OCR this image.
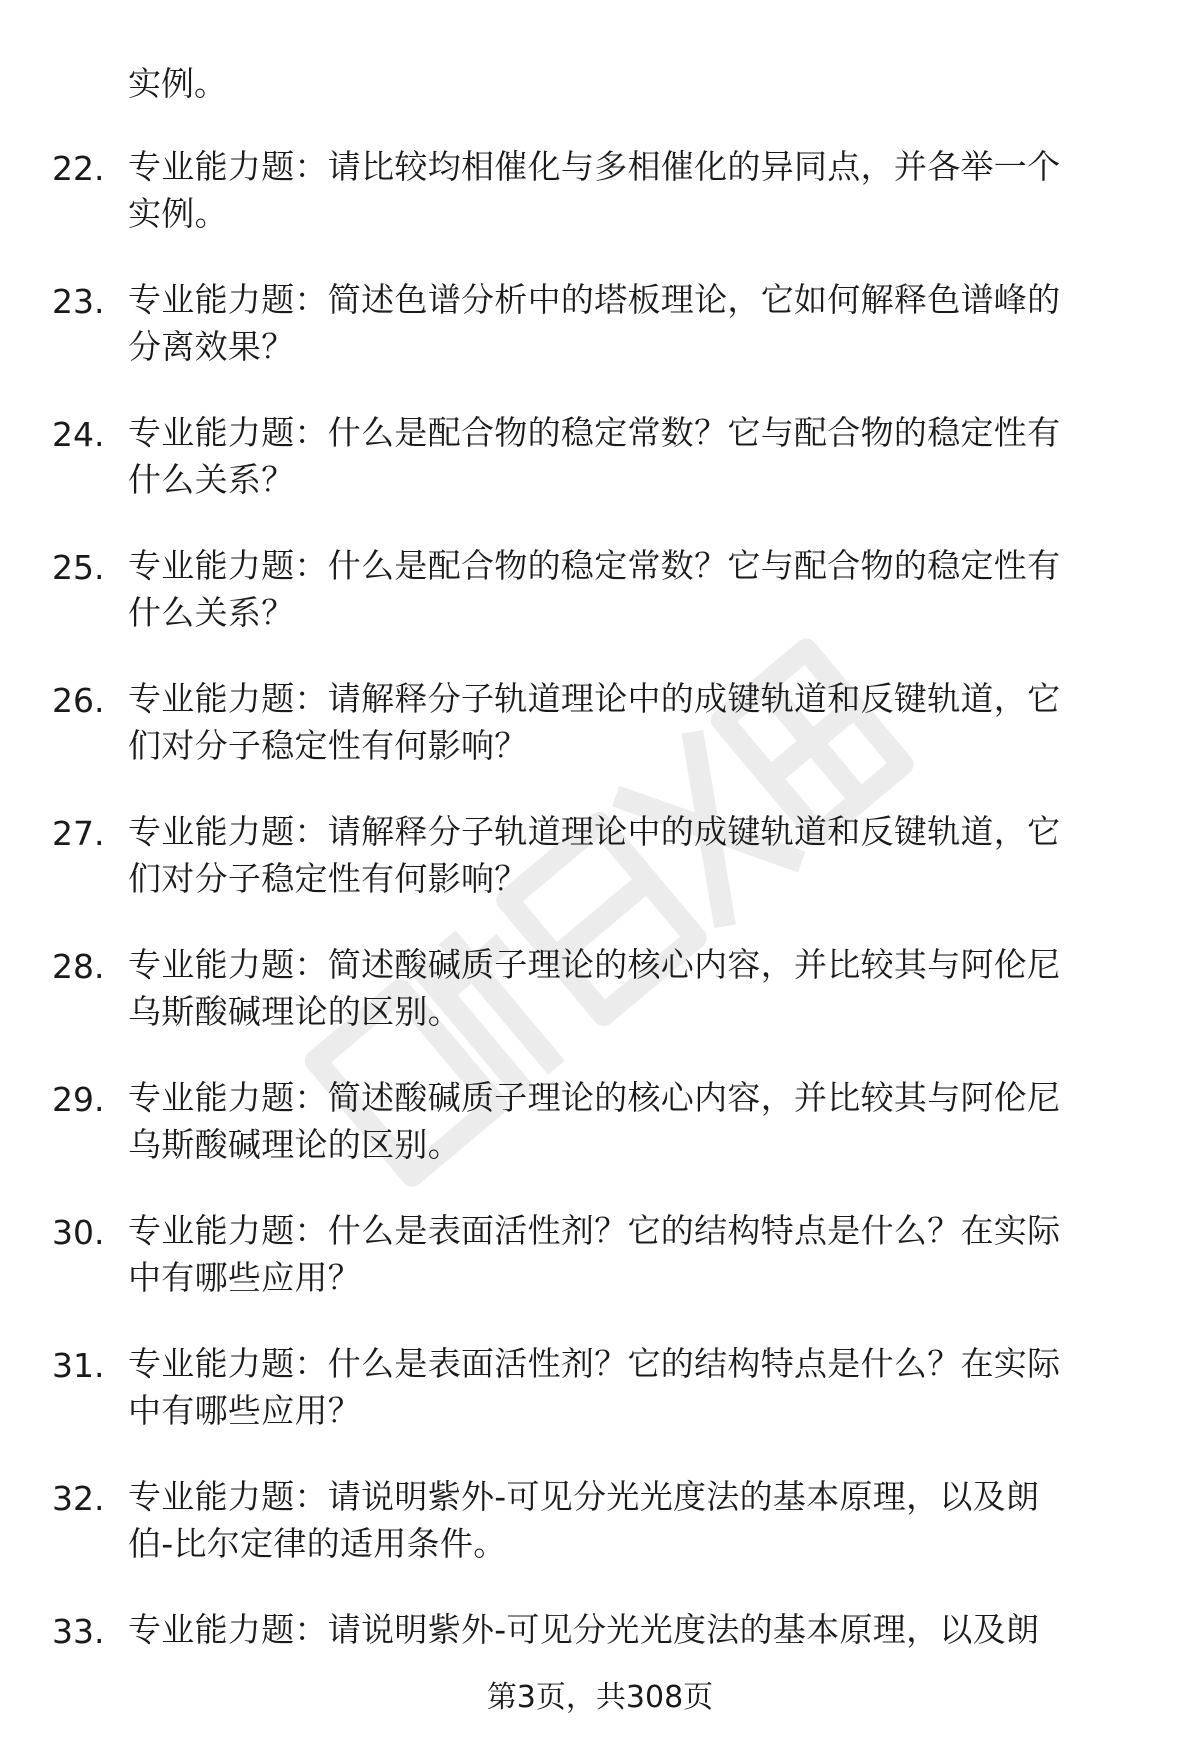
实例。
22. 专业能力题：请比较均相催化与多相催化的异同点，并各举一个
实例。
23. 专业能力题：简述色谱分析中的塔板理论，它如何解释色谱峰的
分离效果？
24. 专业能力题：什么是配合物的稳定常数？它与配合物的稳定性有
什么关系？
25. 专业能力题：什么是配合物的稳定常数？它与配合物的稳定性有
什么关系？
26. 专业能力题：请解释分子轨道理论中的成键轨道和反键轨道，它
们对分子稳定性有何影响？
27. 专业能力题：请解释分子轨道理论中的成键轨道和反键轨道，它
们对分子稳定性有何影响？
28. 专业能力题：简述酸碱质子理论的核心内容，并比较其与阿伦尼
乌斯酸碱理论的区别。
29. 专业能力题：简述酸碱质子理论的核心内容，并比较其与阿伦尼
乌斯酸碱理论的区别。
30. 专业能力题：什么是表面活性剂？它的结构特点是什么？在实际
中有哪些应用？
31. 专业能力题：什么是表面活性剂？它的结构特点是什么？在实际
中有哪些应用？
32. 专业能力题：请说明紫外-可见分光光度法的基本原理，以及朗
伯-比尔定律的适用条件。
33. 专业能力题：请说明紫外-可见分光光度法的基本原理，以及朗
第3页，共308页
